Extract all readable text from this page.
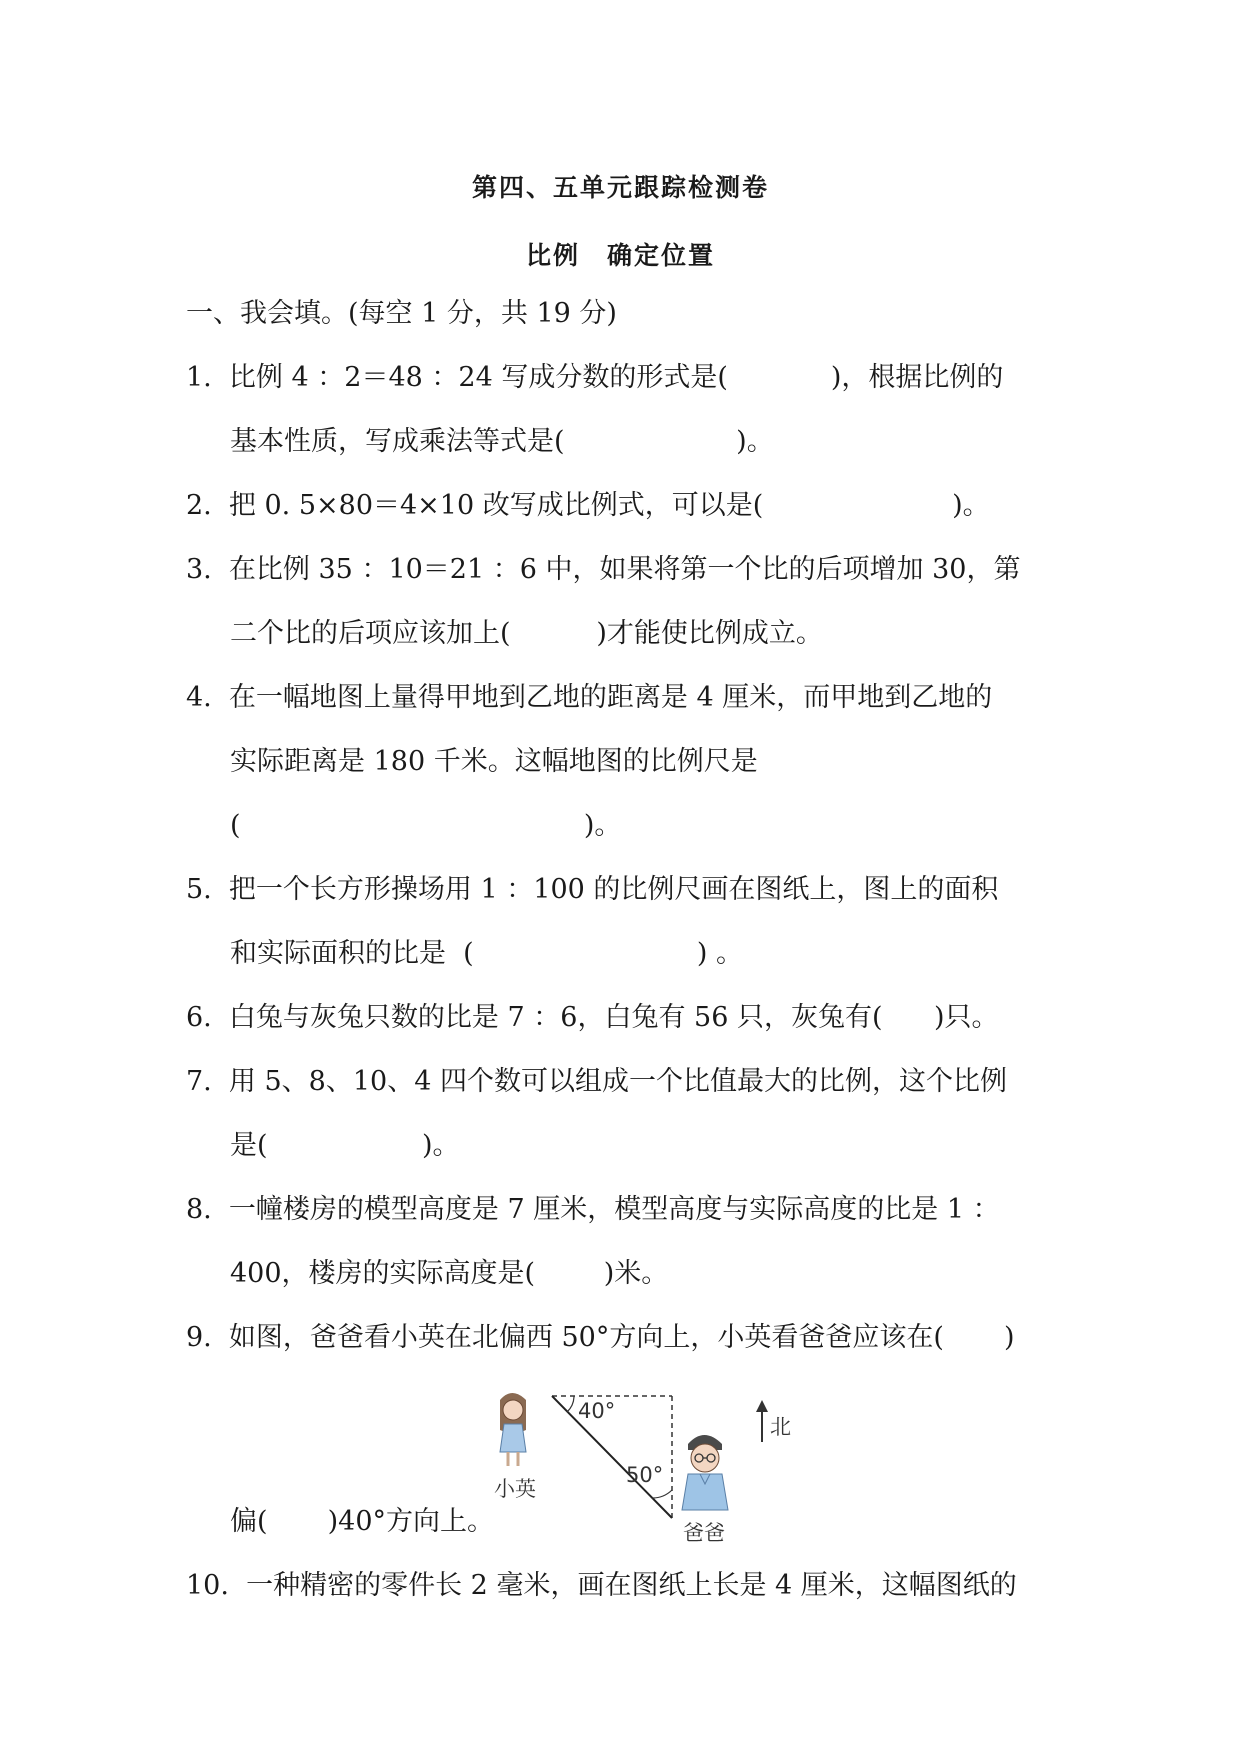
第四、五单元跟踪检测卷
比例　确定位置
一、我会填。(每空 1 分，共 19 分)
1.  比例 4 ：2＝48 ：24 写成分数的形式是(            )，根据比例的
基本性质，写成乘法等式是(                    )。
2.  把 0. 5×80＝4×10 改写成比例式，可以是(                      )。
3.  在比例 35 ：10＝21 ：6 中，如果将第一个比的后项增加 30，第
二个比的后项应该加上(          )才能使比例成立。
4.  在一幅地图上量得甲地到乙地的距离是 4 厘米，而甲地到乙地的
实际距离是 180 千米。这幅地图的比例尺是
(                                        )。
5.  把一个长方形操场用 1 ：100 的比例尺画在图纸上，图上的面积
和实际面积的比是  (                          ) 。
6.  白兔与灰兔只数的比是 7 ：6，白兔有 56 只，灰兔有(      )只。
7.  用 5、8、10、4 四个数可以组成一个比值最大的比例，这个比例
是(                  )。
8.  一幢楼房的模型高度是 7 厘米，模型高度与实际高度的比是 1 ：
400，楼房的实际高度是(        )米。
9.  如图，爸爸看小英在北偏西 50°方向上，小英看爸爸应该在(       )
小英
40°
50°
爸爸
北
偏(       )40°方向上。
10.  一种精密的零件长 2 毫米，画在图纸上长是 4 厘米，这幅图纸的
